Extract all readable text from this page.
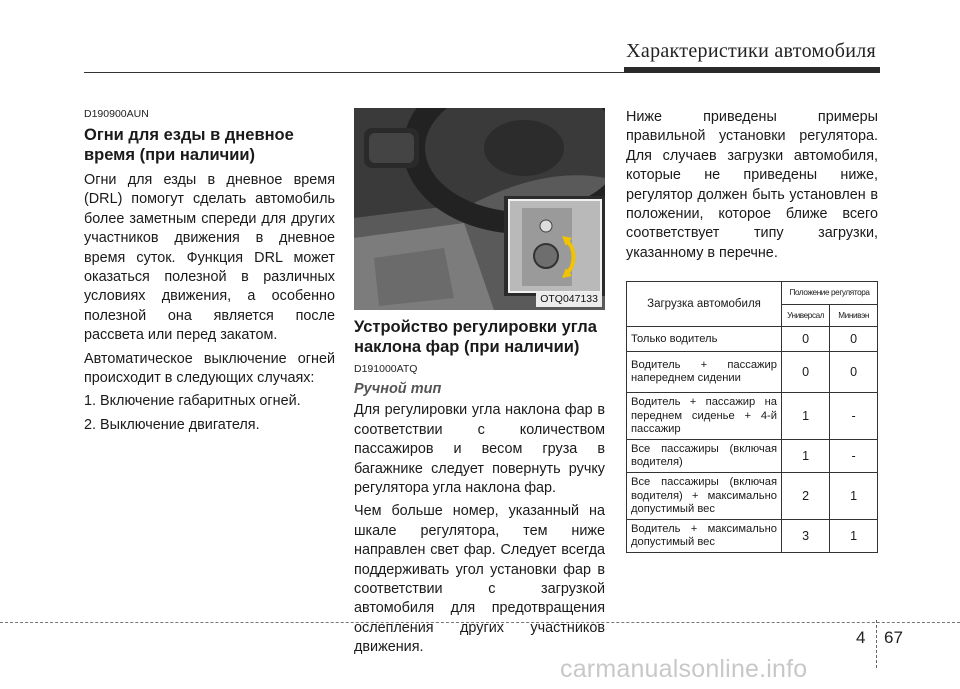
Характеристики автомобиля
D190900AUN
Огни для езды в дневное время (при наличии)

Огни для езды в дневное время (DRL) помогут сделать автомобиль более заметным спереди для других участников движения в дневное время суток. Функция DRL может оказаться полезной в различных условиях движения, а особенно полезной она является после рассвета или перед закатом.

Автоматическое выключение огней происходит в следующих случаях:

1. Включение габаритных огней.

2. Выключение двигателя.

OTQ047133
Устройство регулировки угла наклона фар (при наличии)
D191000ATQ
Ручной тип

Для регулировки угла наклона фар в соответствии с количеством пассажиров и весом груза в багажнике следует повернуть ручку регулятора угла наклона фар.

Чем больше номер, указанный на шкале регулятора, тем ниже направлен свет фар. Следует всегда поддерживать угол установки фар в соответствии с загрузкой автомобиля для предотвращения ослепления других участников движения.

Ниже приведены примеры правильной установки регулятора. Для случаев загрузки автомобиля, которые не приведены ниже, регулятор должен быть установлен в положении, которое ближе всего соответствует типу загрузки, указанному в перечне.

Загрузка автомобиля	Положение регулятора	
	Универсал	Минивэн
Только водитель	0	0
Водитель + пассажир напереднем сидении	0	0
Водитель + пассажир на переднем сиденье + 4-й пассажир	1	-
Все пассажиры (включая водителя)	1	-
Все пассажиры (включая водителя) + максимально допустимый вес	2	1
Водитель + максимально допустимый вес	3	1
4 67
carmanualsonline.info
